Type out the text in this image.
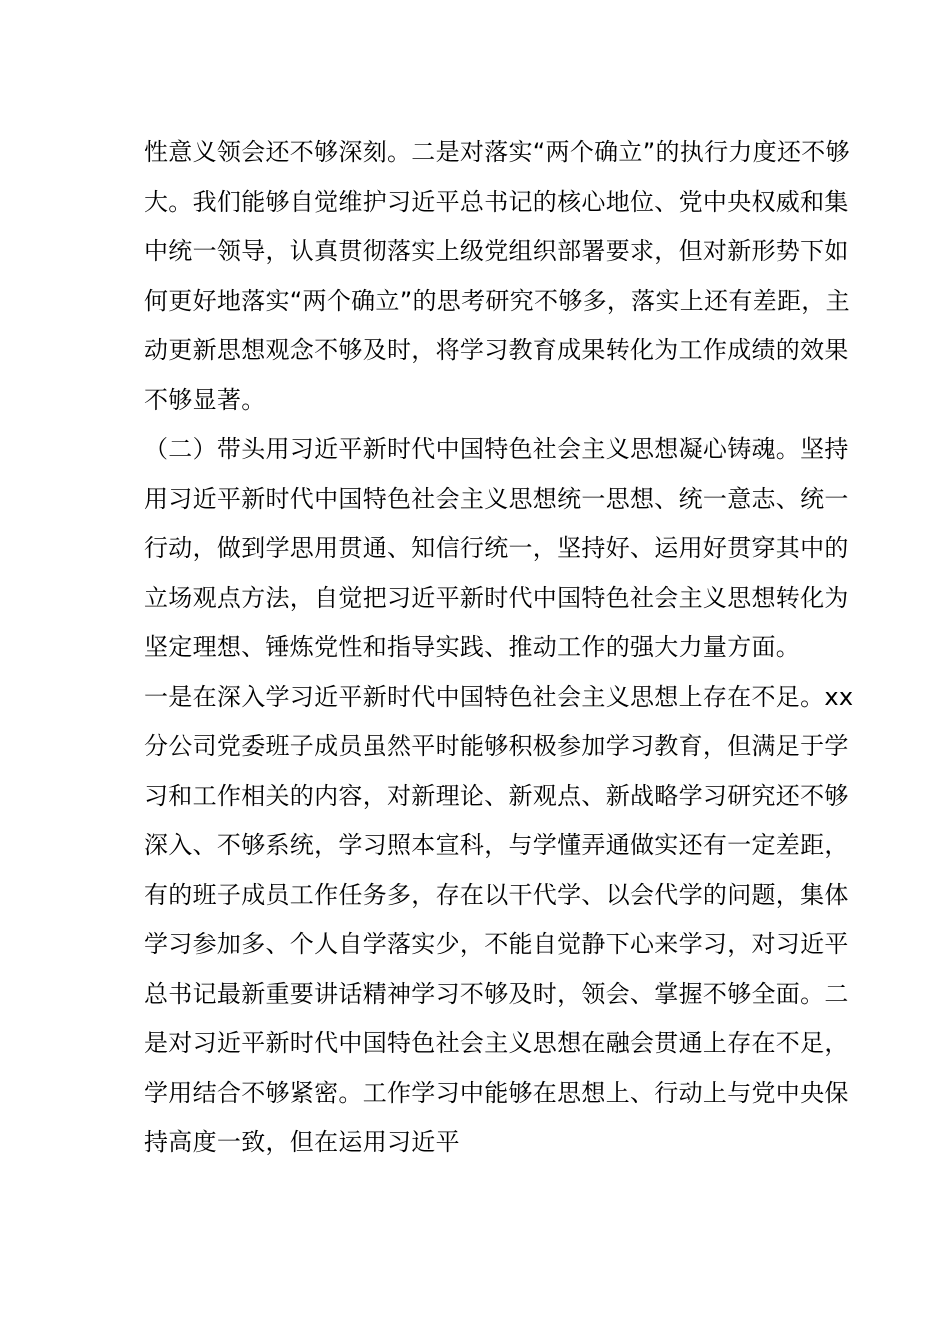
性意义领会还不够深刻。二是对落实“两个确立”的执行力度还不够
大。我们能够自觉维护习近平总书记的核心地位、党中央权威和集
中统一领导，认真贯彻落实上级党组织部署要求，但对新形势下如
何更好地落实“两个确立”的思考研究不够多，落实上还有差距，主
动更新思想观念不够及时，将学习教育成果转化为工作成绩的效果
不够显著。
（二）带头用习近平新时代中国特色社会主义思想凝心铸魂。坚持
用习近平新时代中国特色社会主义思想统一思想、统一意志、统一
行动，做到学思用贯通、知信行统一，坚持好、运用好贯穿其中的
立场观点方法，自觉把习近平新时代中国特色社会主义思想转化为
坚定理想、锤炼党性和指导实践、推动工作的强大力量方面。
一是在深入学习近平新时代中国特色社会主义思想上存在不足。xx
分公司党委班子成员虽然平时能够积极参加学习教育，但满足于学
习和工作相关的内容，对新理论、新观点、新战略学习研究还不够
深入、不够系统，学习照本宣科，与学懂弄通做实还有一定差距，
有的班子成员工作任务多，存在以干代学、以会代学的问题，集体
学习参加多、个人自学落实少，不能自觉静下心来学习，对习近平
总书记最新重要讲话精神学习不够及时，领会、掌握不够全面。二
是对习近平新时代中国特色社会主义思想在融会贯通上存在不足，
学用结合不够紧密。工作学习中能够在思想上、行动上与党中央保
持高度一致，但在运用习近平
